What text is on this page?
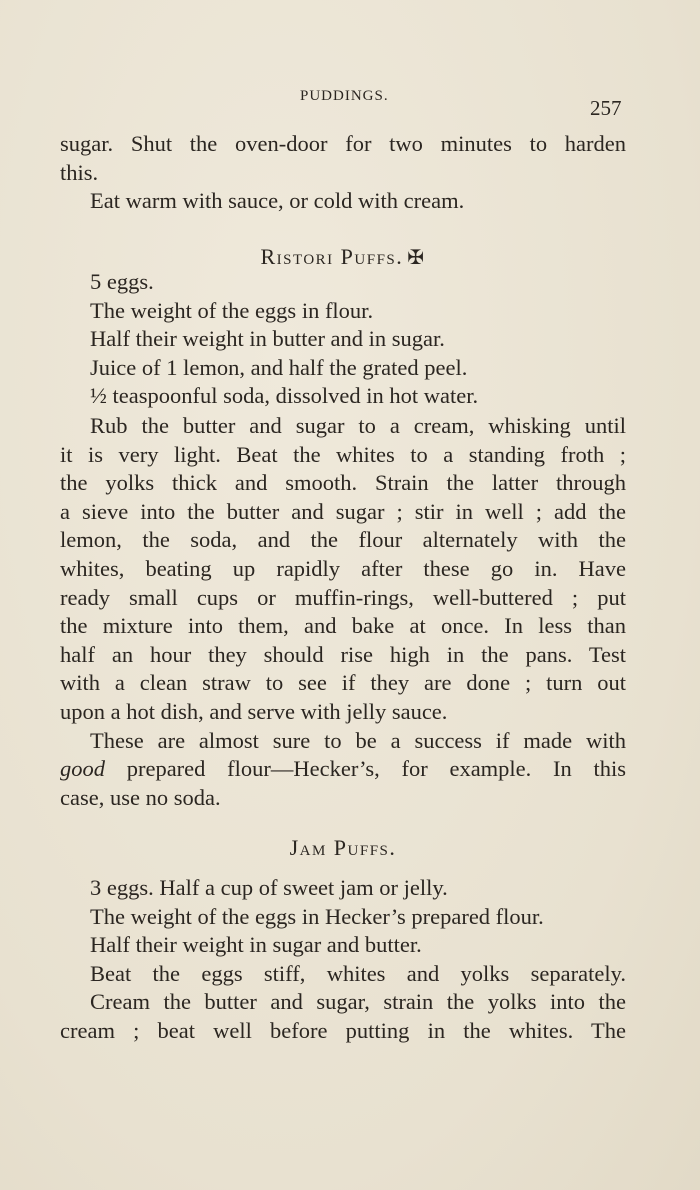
PUDDINGS.	257
sugar. Shut the oven-door for two minutes to harden
this.
Eat warm with sauce, or cold with cream.
Ristori Puffs. ✠
5 eggs.
The weight of the eggs in flour.
Half their weight in butter and in sugar.
Juice of 1 lemon, and half the grated peel.
½ teaspoonful soda, dissolved in hot water.
Rub the butter and sugar to a cream, whisking until
it is very light. Beat the whites to a standing froth ;
the yolks thick and smooth. Strain the latter through
a sieve into the butter and sugar ; stir in well ; add the
lemon, the soda, and the flour alternately with the
whites, beating up rapidly after these go in. Have
ready small cups or muffin-rings, well-buttered ; put
the mixture into them, and bake at once. In less than
half an hour they should rise high in the pans. Test
with a clean straw to see if they are done ; turn out
upon a hot dish, and serve with jelly sauce.
These are almost sure to be a success if made with
good prepared flour—Hecker’s, for example. In this
case, use no soda.
Jam Puffs.
3 eggs. Half a cup of sweet jam or jelly.
The weight of the eggs in Hecker’s prepared flour.
Half their weight in sugar and butter.
Beat the eggs stiff, whites and yolks separately.
Cream the butter and sugar, strain the yolks into the
cream ; beat well before putting in the whites. The
